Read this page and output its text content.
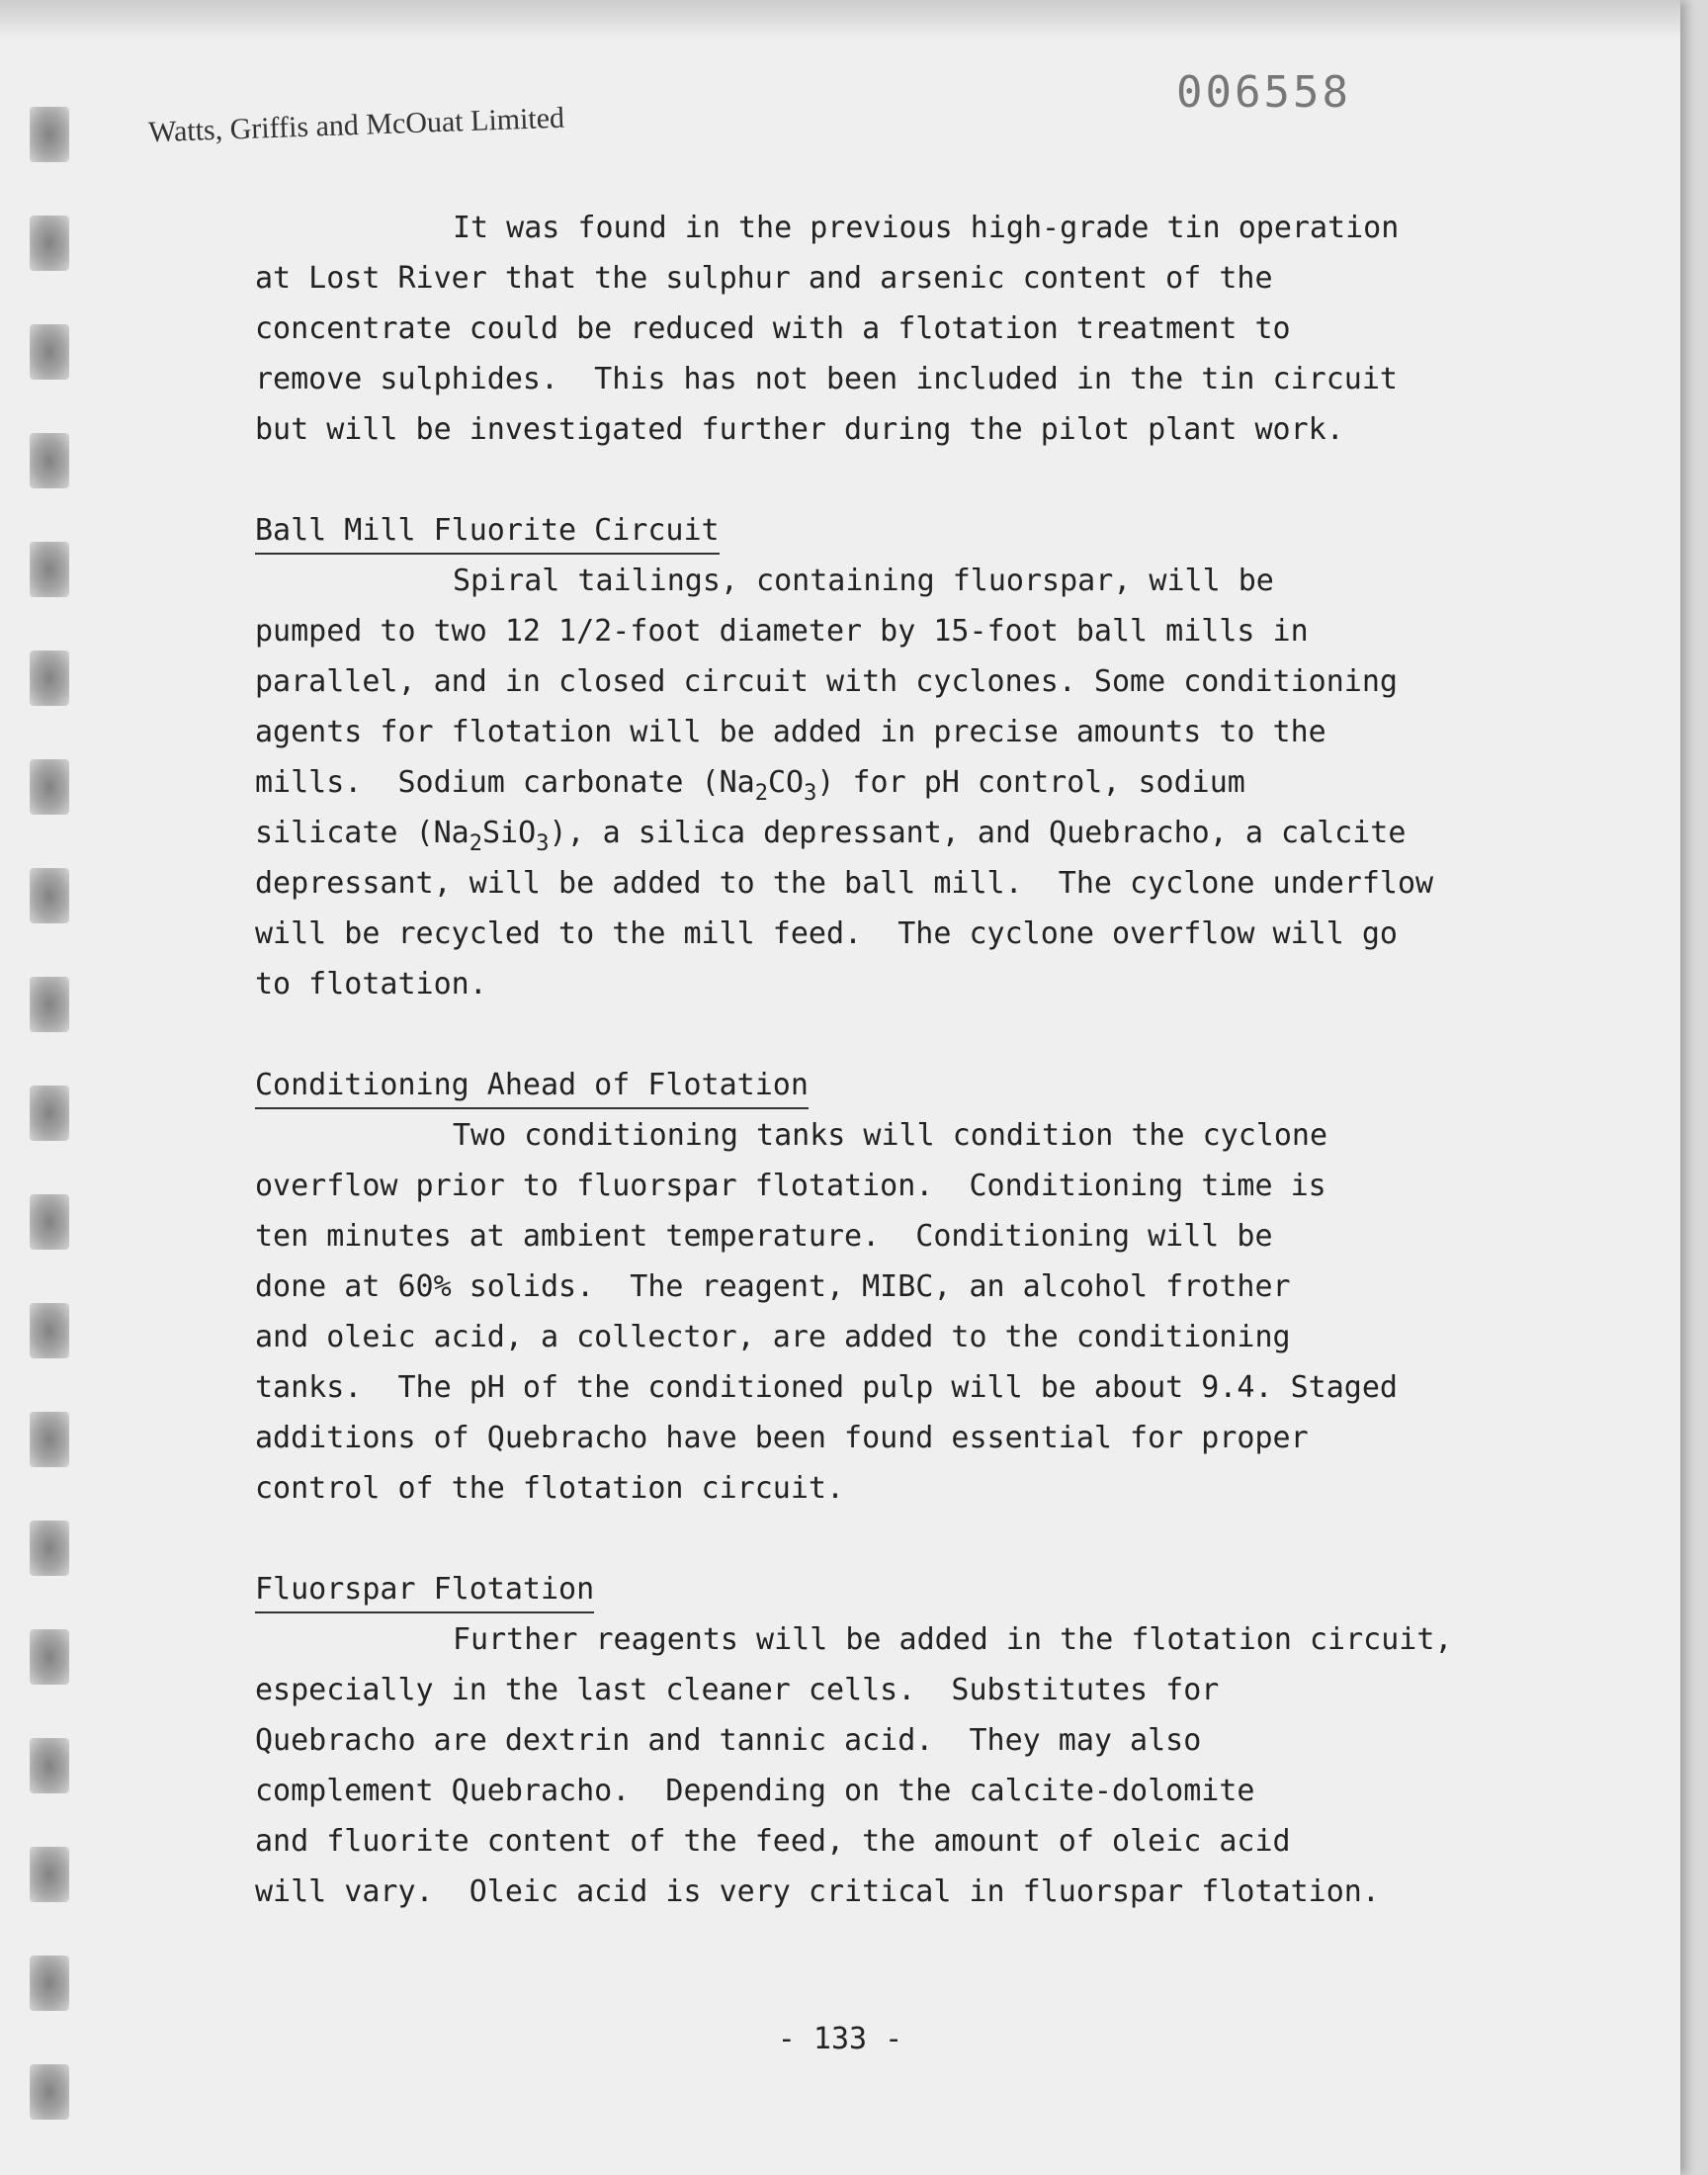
Watts, Griffis and McOuat Limited
006558

It was found in the previous high-grade tin operation
at Lost River that the sulphur and arsenic content of the
concentrate could be reduced with a flotation treatment to
remove sulphides.  This has not been included in the tin circuit
but will be investigated further during the pilot plant work.

Ball Mill Fluorite Circuit

Spiral tailings, containing fluorspar, will be
pumped to two 12 1/2-foot diameter by 15-foot ball mills in
parallel, and in closed circuit with cyclones. Some conditioning
agents for flotation will be added in precise amounts to the
mills.  Sodium carbonate $(Na_2CO_3)$ for pH control, sodium
silicate $(Na_2SiO_3)$, a silica depressant, and Quebracho, a calcite
depressant, will be added to the ball mill.  The cyclone underflow
will be recycled to the mill feed.  The cyclone overflow will go
to flotation.

Conditioning Ahead of Flotation

Two conditioning tanks will condition the cyclone
overflow prior to fluorspar flotation.  Conditioning time is
ten minutes at ambient temperature.  Conditioning will be
done at 60% solids.  The reagent, MIBC, an alcohol frother
and oleic acid, a collector, are added to the conditioning
tanks.  The pH of the conditioned pulp will be about 9.4. Staged
additions of Quebracho have been found essential for proper
control of the flotation circuit.

Fluorspar Flotation

Further reagents will be added in the flotation circuit,
especially in the last cleaner cells.  Substitutes for
Quebracho are dextrin and tannic acid.  They may also
complement Quebracho.  Depending on the calcite-dolomite
and fluorite content of the feed, the amount of oleic acid
will vary.  Oleic acid is very critical in fluorspar flotation.

- 133 -
